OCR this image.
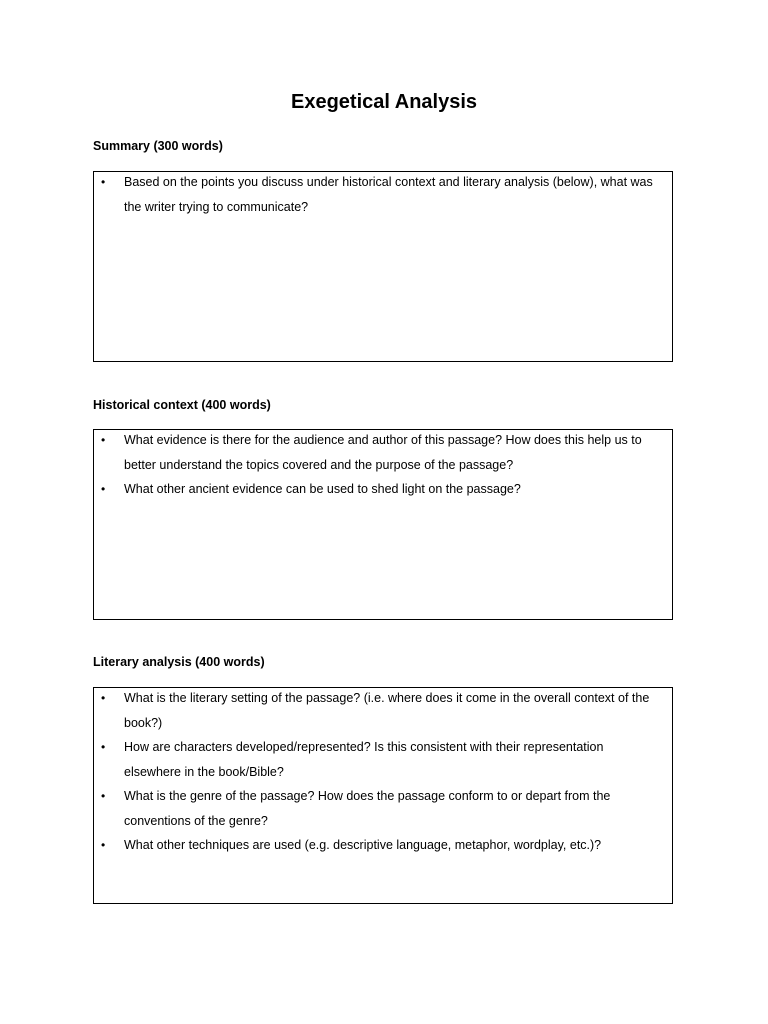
Exegetical Analysis
Summary (300 words)
• Based on the points you discuss under historical context and literary analysis (below), what was the writer trying to communicate?
Historical context (400 words)
• What evidence is there for the audience and author of this passage? How does this help us to better understand the topics covered and the purpose of the passage?
• What other ancient evidence can be used to shed light on the passage?
Literary analysis (400 words)
• What is the literary setting of the passage? (i.e. where does it come in the overall context of the book?)
• How are characters developed/represented? Is this consistent with their representation elsewhere in the book/Bible?
• What is the genre of the passage? How does the passage conform to or depart from the conventions of the genre?
• What other techniques are used (e.g. descriptive language, metaphor, wordplay, etc.)?
